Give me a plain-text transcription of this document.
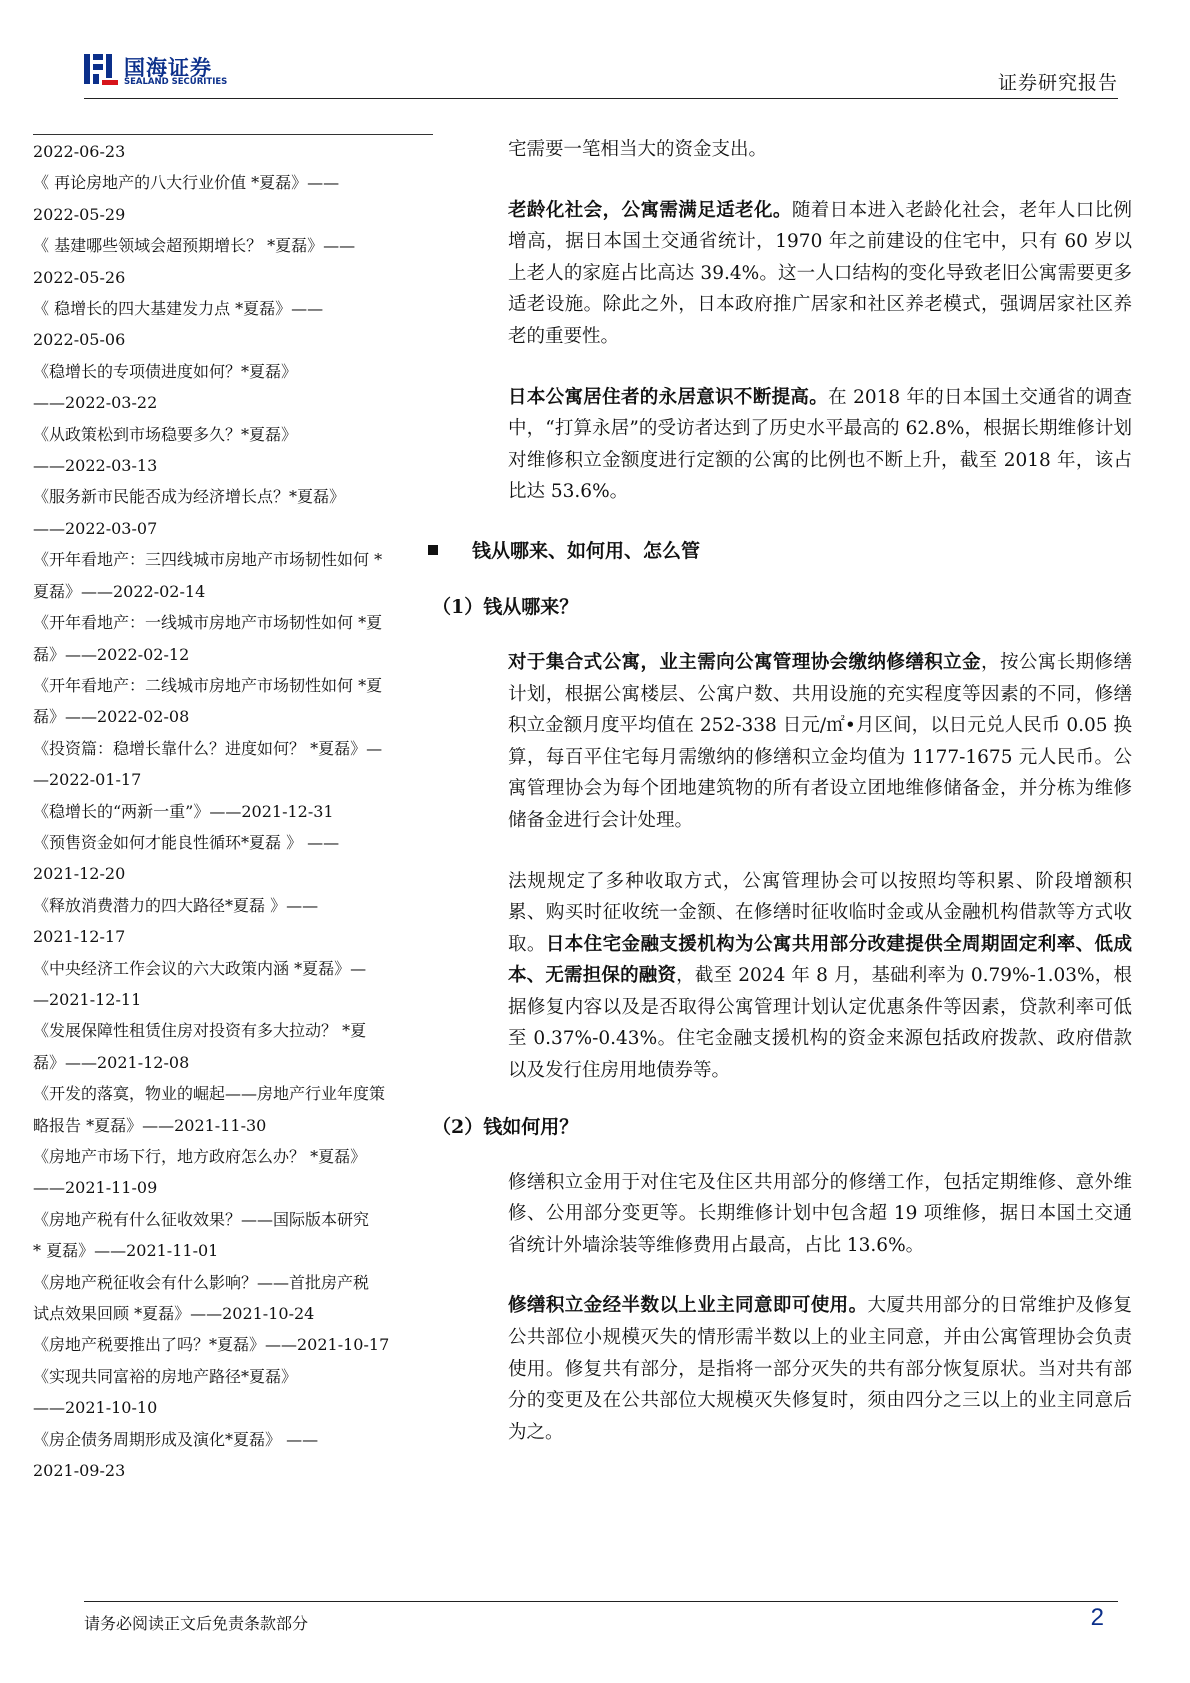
国海证券
SEALAND SECURITIES	证券研究报告
2022-06-23
《 再论房地产的八大行业价值 *夏磊》——
2022-05-29
《 基建哪些领域会超预期增长？ *夏磊》——
2022-05-26
《 稳增长的四大基建发力点 *夏磊》——
2022-05-06
《稳增长的专项债进度如何？*夏磊》
——2022-03-22
《从政策松到市场稳要多久？*夏磊》
——2022-03-13
《服务新市民能否成为经济增长点？*夏磊》
——2022-03-07
《开年看地产：三四线城市房地产市场韧性如何 *
夏磊》——2022-02-14
《开年看地产：一线城市房地产市场韧性如何 *夏
磊》——2022-02-12
《开年看地产：二线城市房地产市场韧性如何 *夏
磊》——2022-02-08
《投资篇：稳增长靠什么？进度如何？ *夏磊》—
—2022-01-17
《稳增长的“两新一重”》——2021-12-31
《预售资金如何才能良性循环*夏磊 》 ——
2021-12-20
《释放消费潜力的四大路径*夏磊 》——
2021-12-17
《中央经济工作会议的六大政策内涵 *夏磊》—
—2021-12-11
《发展保障性租赁住房对投资有多大拉动？ *夏
磊》——2021-12-08
《开发的落寞，物业的崛起——房地产行业年度策
略报告 *夏磊》——2021-11-30
《房地产市场下行，地方政府怎么办？ *夏磊》
——2021-11-09
《房地产税有什么征收效果？——国际版本研究
* 夏磊》——2021-11-01
《房地产税征收会有什么影响？——首批房产税
试点效果回顾 *夏磊》——2021-10-24
《房地产税要推出了吗？*夏磊》——2021-10-17
《实现共同富裕的房地产路径*夏磊》
——2021-10-10
《房企债务周期形成及演化*夏磊》 ——
2021-09-23

宅需要一笔相当大的资金支出。

老龄化社会，公寓需满足适老化。随着日本进入老龄化社会，老年人口比例增高，据日本国土交通省统计，1970 年之前建设的住宅中，只有 60 岁以上老人的家庭占比高达 39.4%。这一人口结构的变化导致老旧公寓需要更多适老设施。除此之外，日本政府推广居家和社区养老模式，强调居家社区养老的重要性。

日本公寓居住者的永居意识不断提高。在 2018 年的日本国土交通省的调查中，“打算永居”的受访者达到了历史水平最高的 62.8%，根据长期维修计划对维修积立金额度进行定额的公寓的比例也不断上升，截至 2018 年，该占比达 53.6%。

钱从哪来、如何用、怎么管

（1）钱从哪来？

对于集合式公寓，业主需向公寓管理协会缴纳修缮积立金，按公寓长期修缮计划，根据公寓楼层、公寓户数、共用设施的充实程度等因素的不同，修缮积立金额月度平均值在 252-338 日元/㎡•月区间，以日元兑人民币 0.05 换算，每百平住宅每月需缴纳的修缮积立金均值为 1177-1675 元人民币。公寓管理协会为每个团地建筑物的所有者设立团地维修储备金，并分栋为维修储备金进行会计处理。

法规规定了多种收取方式，公寓管理协会可以按照均等积累、阶段增额积累、购买时征收统一金额、在修缮时征收临时金或从金融机构借款等方式收取。日本住宅金融支援机构为公寓共用部分改建提供全周期固定利率、低成本、无需担保的融资，截至 2024 年 8 月，基础利率为 0.79%-1.03%，根据修复内容以及是否取得公寓管理计划认定优惠条件等因素，贷款利率可低至 0.37%-0.43%。住宅金融支援机构的资金来源包括政府拨款、政府借款以及发行住房用地债券等。

（2）钱如何用？

修缮积立金用于对住宅及住区共用部分的修缮工作，包括定期维修、意外维修、公用部分变更等。长期维修计划中包含超 19 项维修，据日本国土交通省统计外墙涂装等维修费用占最高，占比 13.6%。

修缮积立金经半数以上业主同意即可使用。大厦共用部分的日常维护及修复公共部位小规模灭失的情形需半数以上的业主同意，并由公寓管理协会负责使用。修复共有部分，是指将一部分灭失的共有部分恢复原状。当对共有部分的变更及在公共部位大规模灭失修复时，须由四分之三以上的业主同意后为之。

请务必阅读正文后免责条款部分	2
